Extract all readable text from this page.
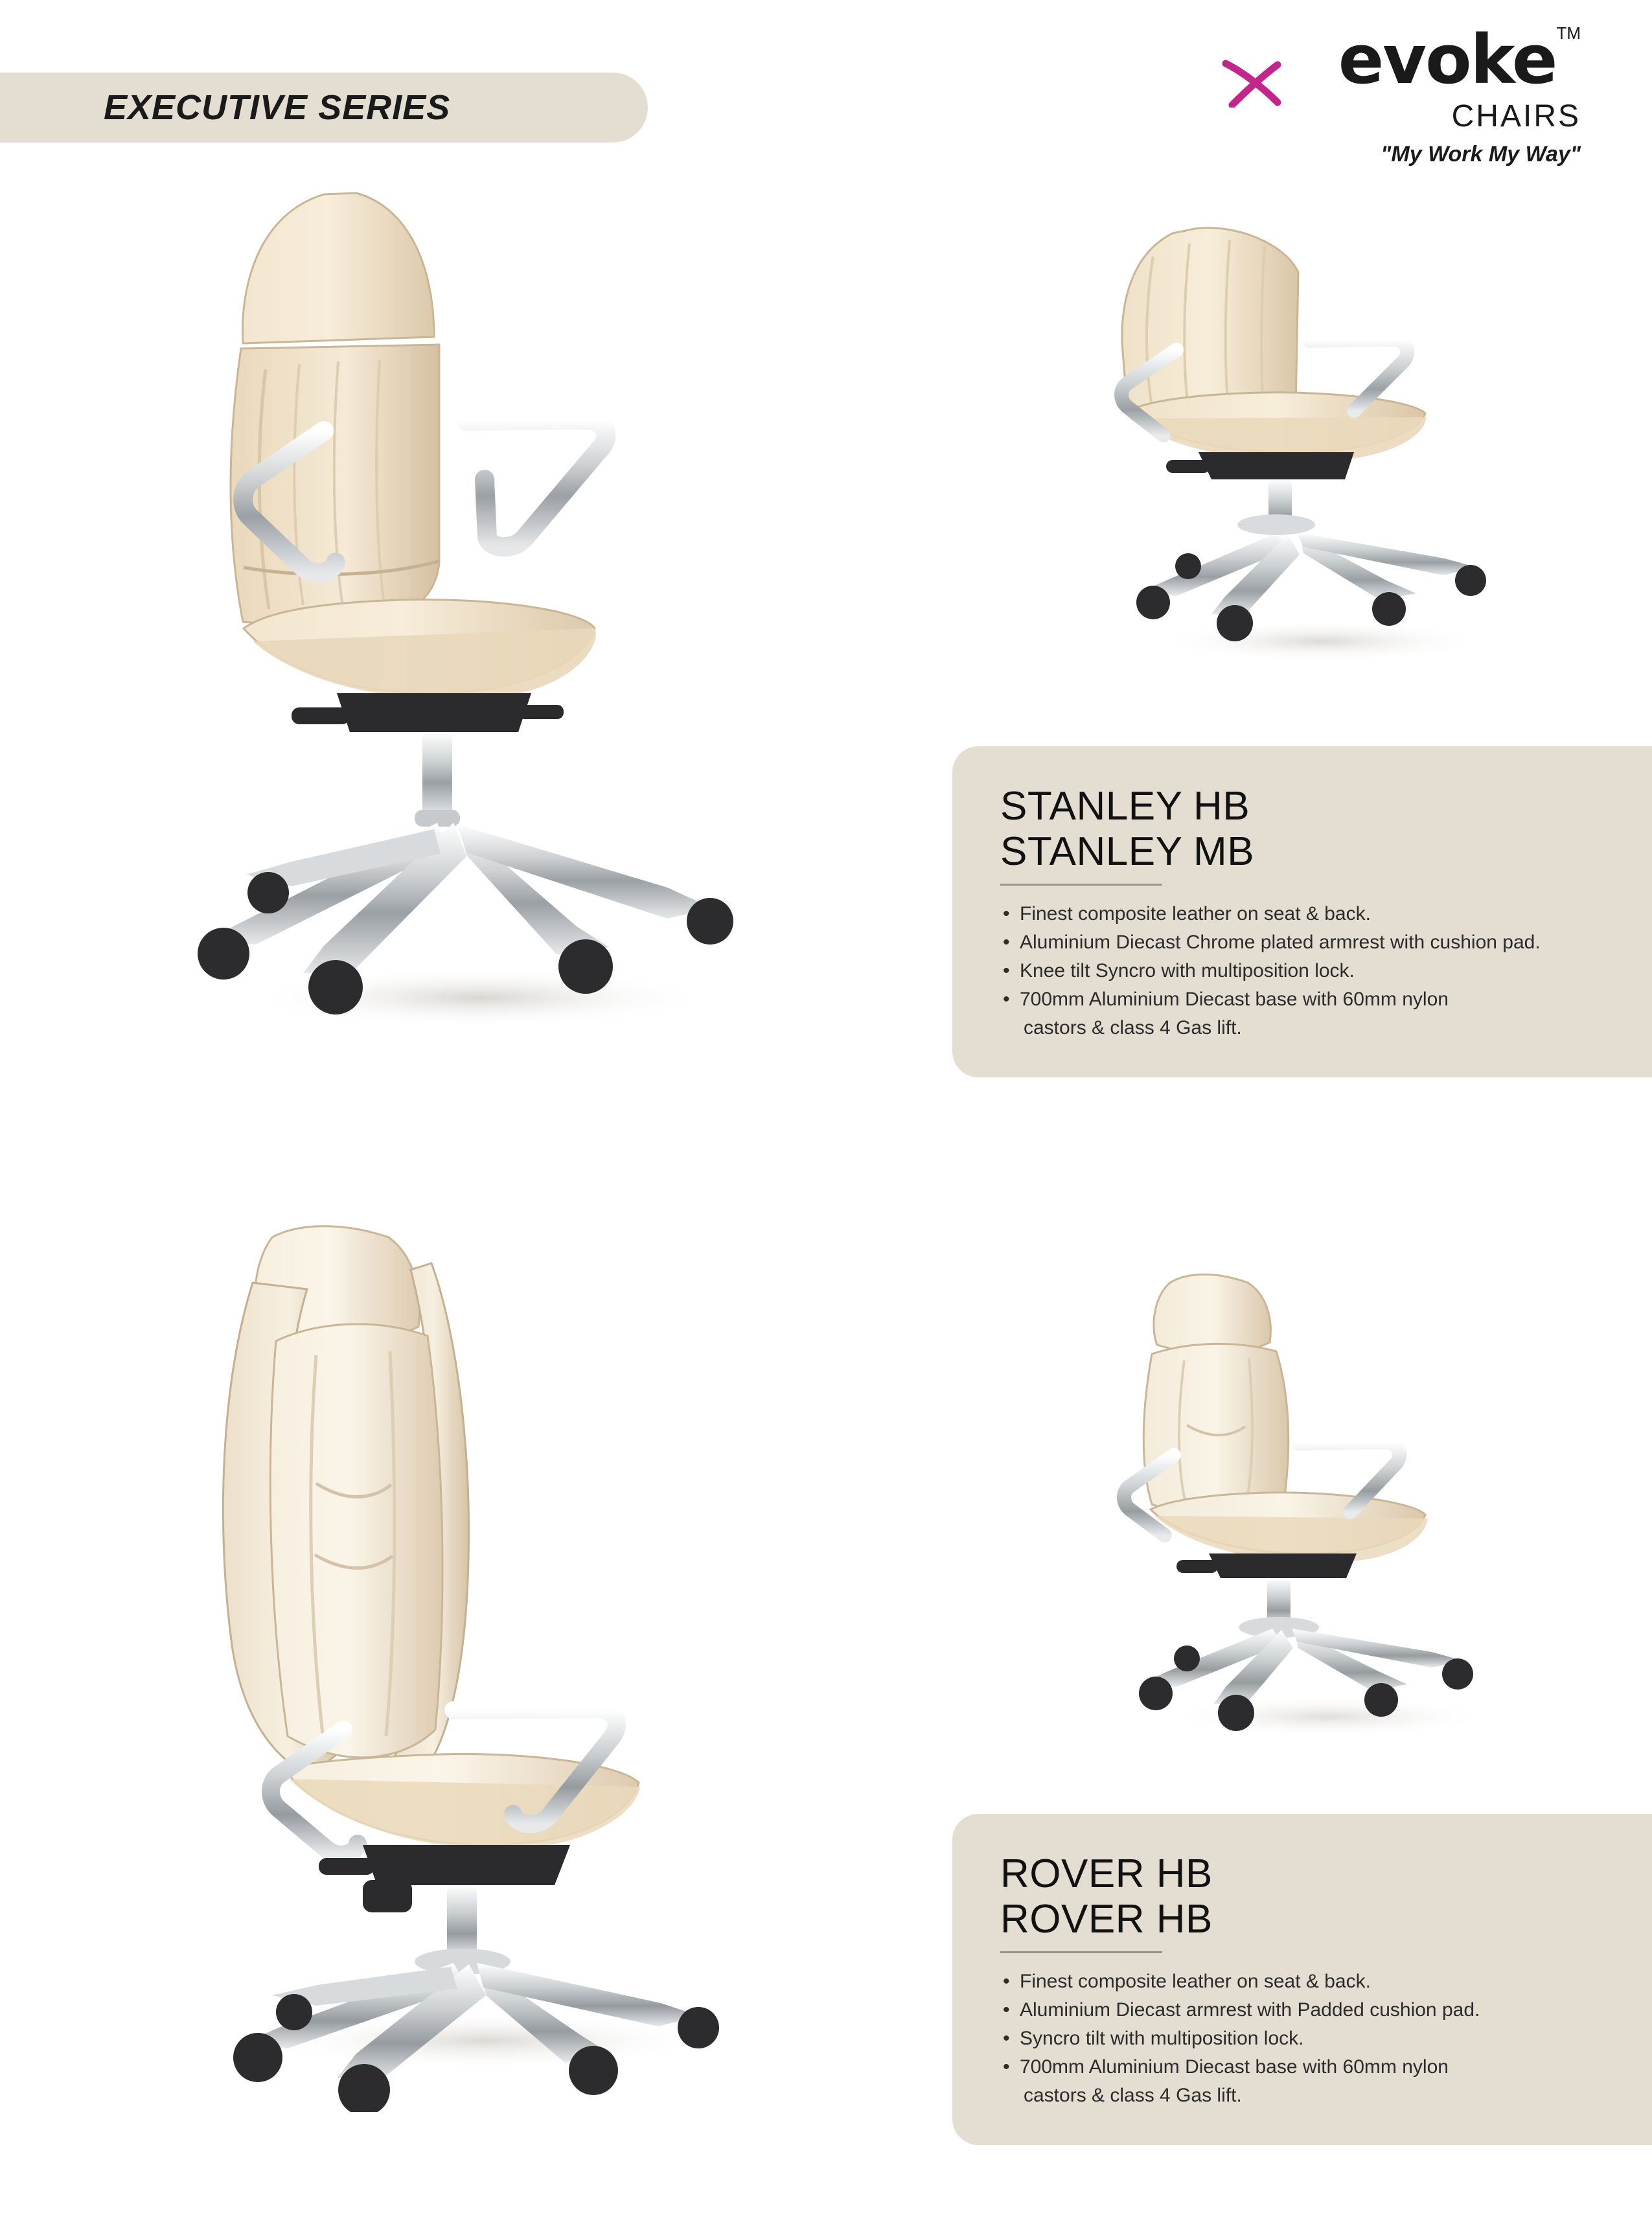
EXECUTIVE SERIES
evokeTM
CHAIRS
"My Work My Way"
STANLEY HB
STANLEY MB
• Finest composite leather on seat & back.
• Aluminium Diecast Chrome plated armrest with cushion pad.
• Knee tilt Syncro with multiposition lock.
• 700mm Aluminium Diecast base with 60mm nylon
castors & class 4 Gas lift.
ROVER HB
ROVER HB
• Finest composite leather on seat & back.
• Aluminium Diecast armrest with Padded cushion pad.
• Syncro tilt with multiposition lock.
• 700mm Aluminium Diecast base with 60mm nylon
castors & class 4 Gas lift.
